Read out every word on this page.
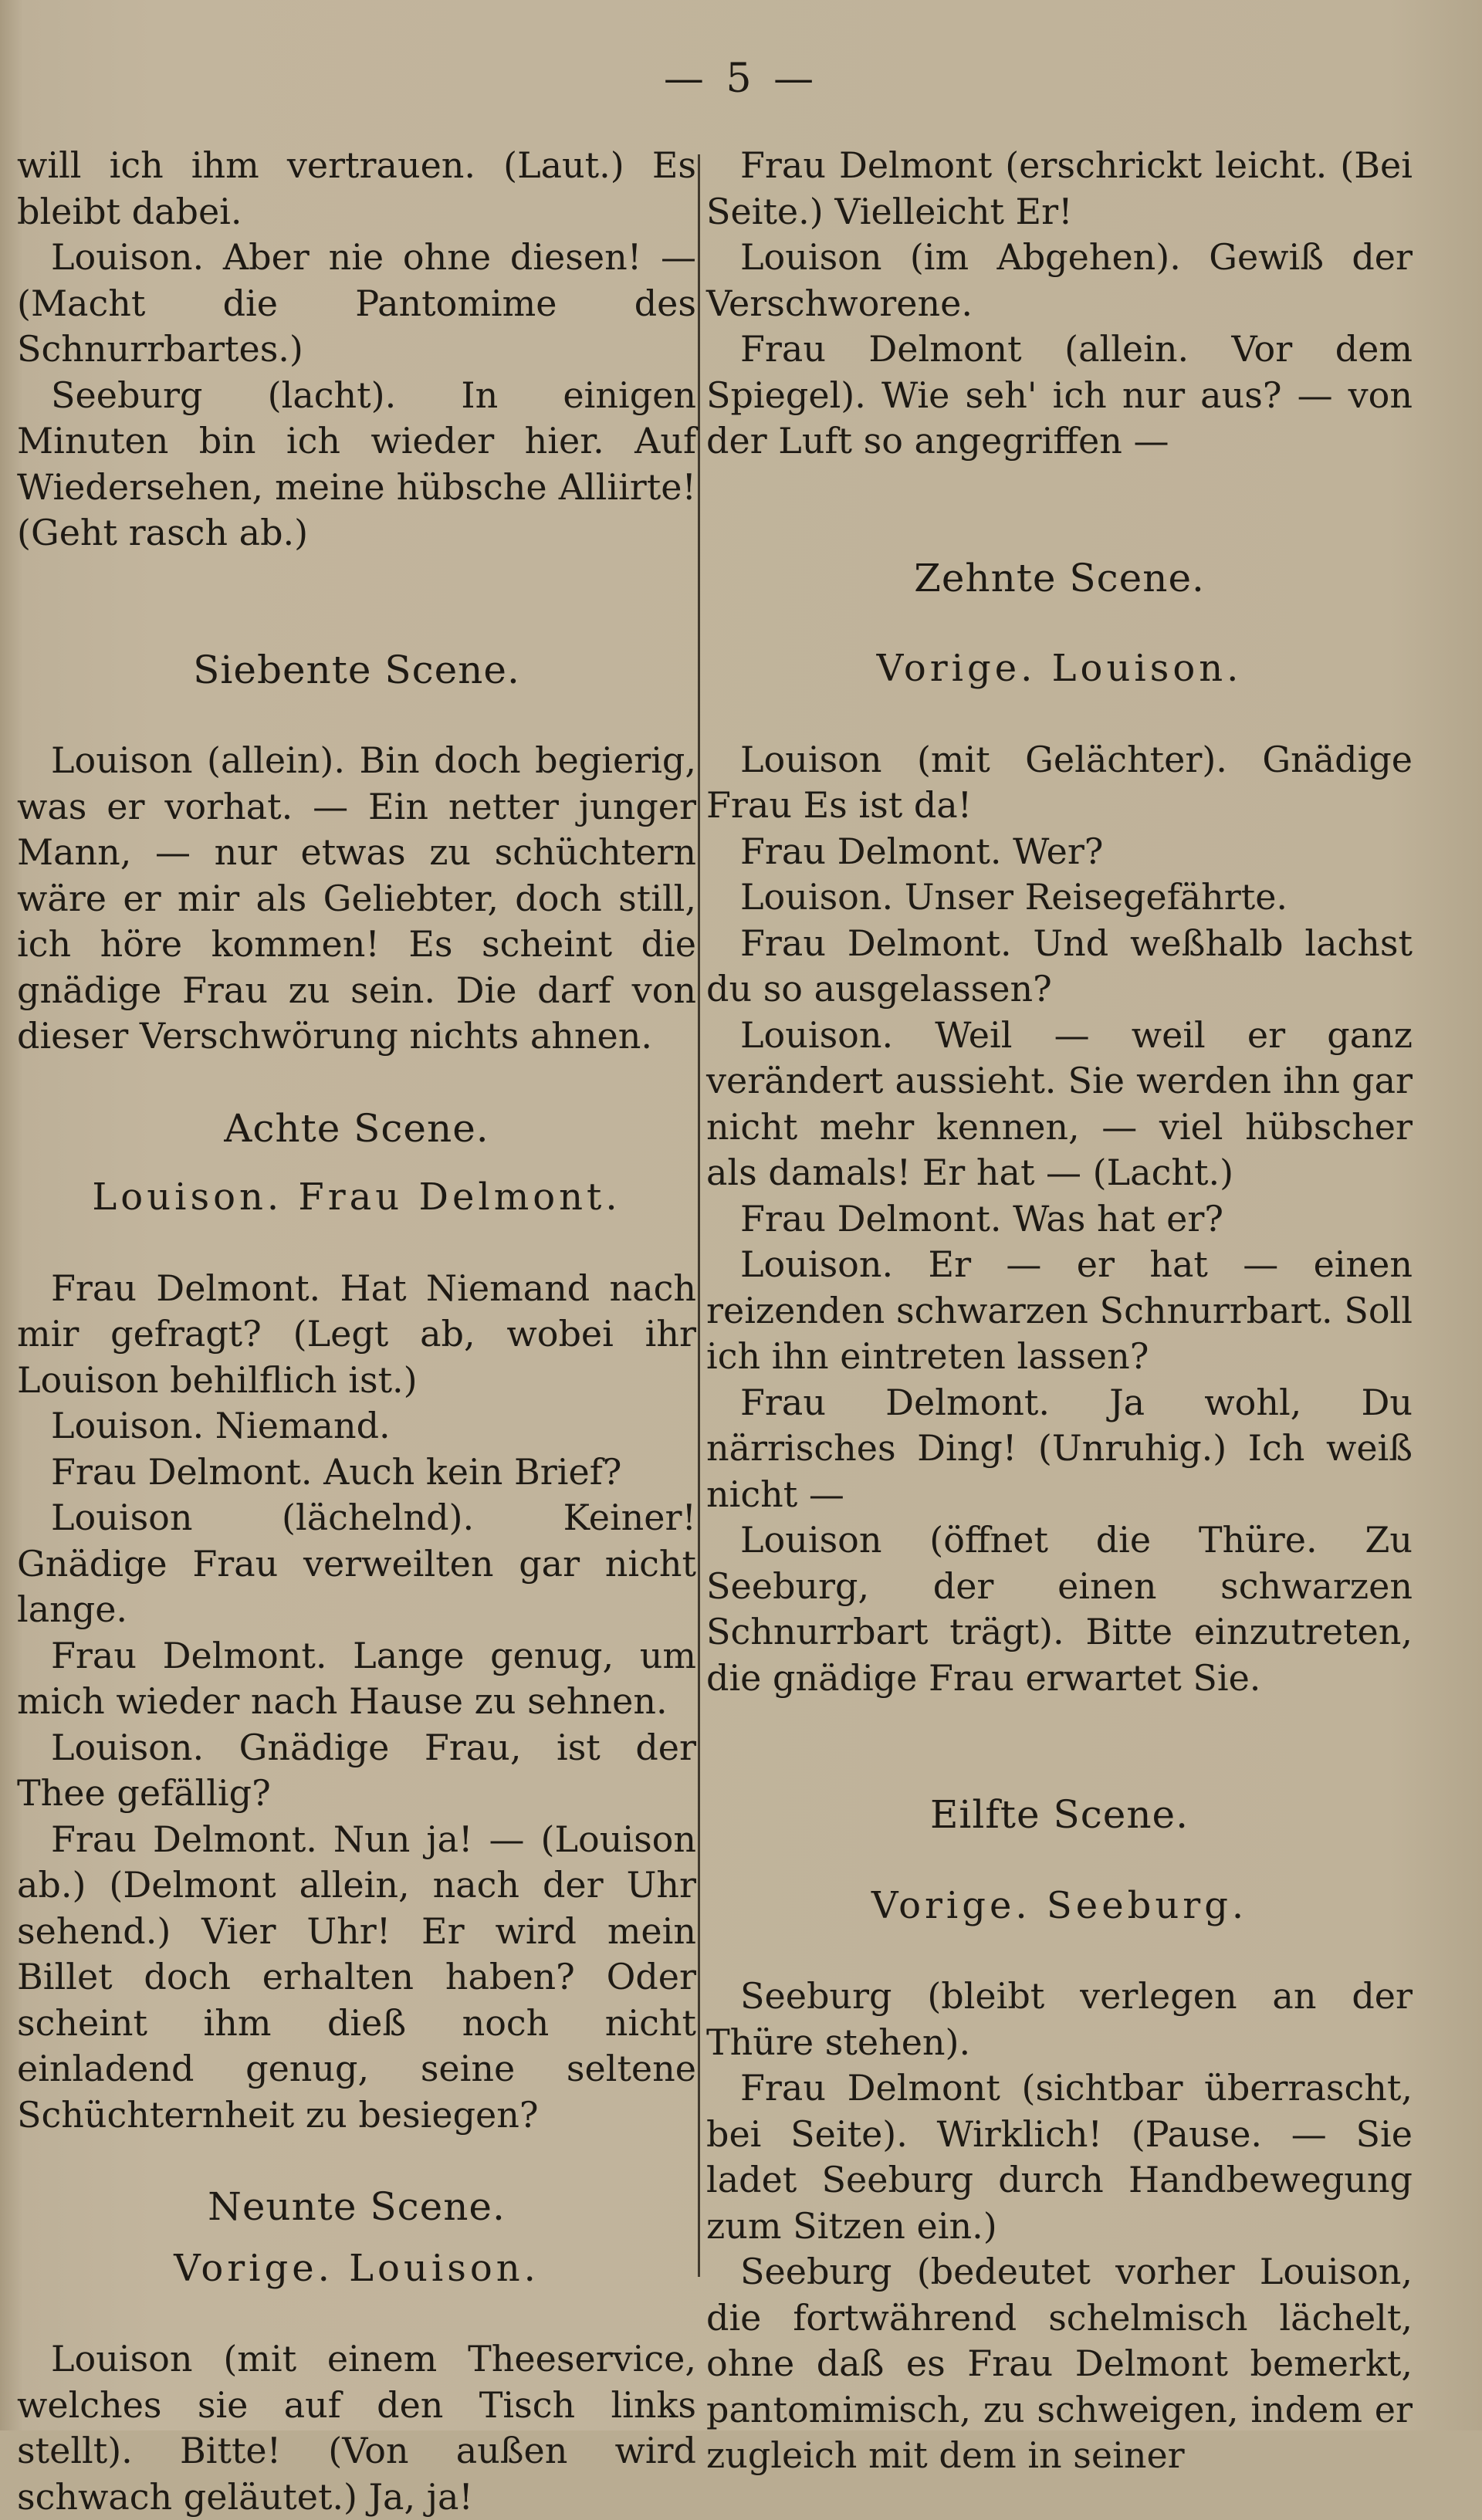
— 5 —

will ich ihm vertrauen. (Laut.) Es bleibt dabei.

Louison. Aber nie ohne diesen! — (Macht die Pantomime des Schnurrbartes.)

Seeburg (lacht). In einigen Minuten bin ich wieder hier. Auf Wiedersehen, meine hübsche Alliirte! (Geht rasch ab.)

Siebente Scene.

Louison (allein). Bin doch begierig, was er vorhat. — Ein netter junger Mann, — nur etwas zu schüchtern wäre er mir als Geliebter, doch still, ich höre kommen! Es scheint die gnädige Frau zu sein. Die darf von dieser Verschwörung nichts ahnen.

Achte Scene.

Louison. Frau Delmont.

Frau Delmont. Hat Niemand nach mir gefragt? (Legt ab, wobei ihr Louison behilflich ist.)

Louison. Niemand.

Frau Delmont. Auch kein Brief?

Louison (lächelnd). Keiner! Gnädige Frau verweilten gar nicht lange.

Frau Delmont. Lange genug, um mich wieder nach Hause zu sehnen.

Louison. Gnädige Frau, ist der Thee gefällig?

Frau Delmont. Nun ja! — (Louison ab.) (Delmont allein, nach der Uhr sehend.) Vier Uhr! Er wird mein Billet doch erhalten haben? Oder scheint ihm dieß noch nicht einladend genug, seine seltene Schüchternheit zu besiegen?

Neunte Scene.

Vorige. Louison.

Louison (mit einem Theeservice, welches sie auf den Tisch links stellt). Bitte! (Von außen wird schwach geläutet.) Ja, ja!

Frau Delmont (erschrickt leicht. (Bei Seite.) Vielleicht Er!

Louison (im Abgehen). Gewiß der Verschworene.

Frau Delmont (allein. Vor dem Spiegel). Wie seh' ich nur aus? — von der Luft so angegriffen —

Zehnte Scene.

Vorige. Louison.

Louison (mit Gelächter). Gnädige Frau Es ist da!

Frau Delmont. Wer?

Louison. Unser Reisegefährte.

Frau Delmont. Und weßhalb lachst du so ausgelassen?

Louison. Weil — weil er ganz verändert aussieht. Sie werden ihn gar nicht mehr kennen, — viel hübscher als damals! Er hat — (Lacht.)

Frau Delmont. Was hat er?

Louison. Er — er hat — einen reizenden schwarzen Schnurrbart. Soll ich ihn eintreten lassen?

Frau Delmont. Ja wohl, Du närrisches Ding! (Unruhig.) Ich weiß nicht —

Louison (öffnet die Thüre. Zu Seeburg, der einen schwarzen Schnurrbart trägt). Bitte einzutreten, die gnädige Frau erwartet Sie.

Eilfte Scene.

Vorige. Seeburg.

Seeburg (bleibt verlegen an der Thüre stehen).

Frau Delmont (sichtbar überrascht, bei Seite). Wirklich! (Pause. — Sie ladet Seeburg durch Handbewegung zum Sitzen ein.)

Seeburg (bedeutet vorher Louison, die fortwährend schelmisch lächelt, ohne daß es Frau Delmont bemerkt, pantomimisch, zu schweigen, indem er zugleich mit dem in seiner
